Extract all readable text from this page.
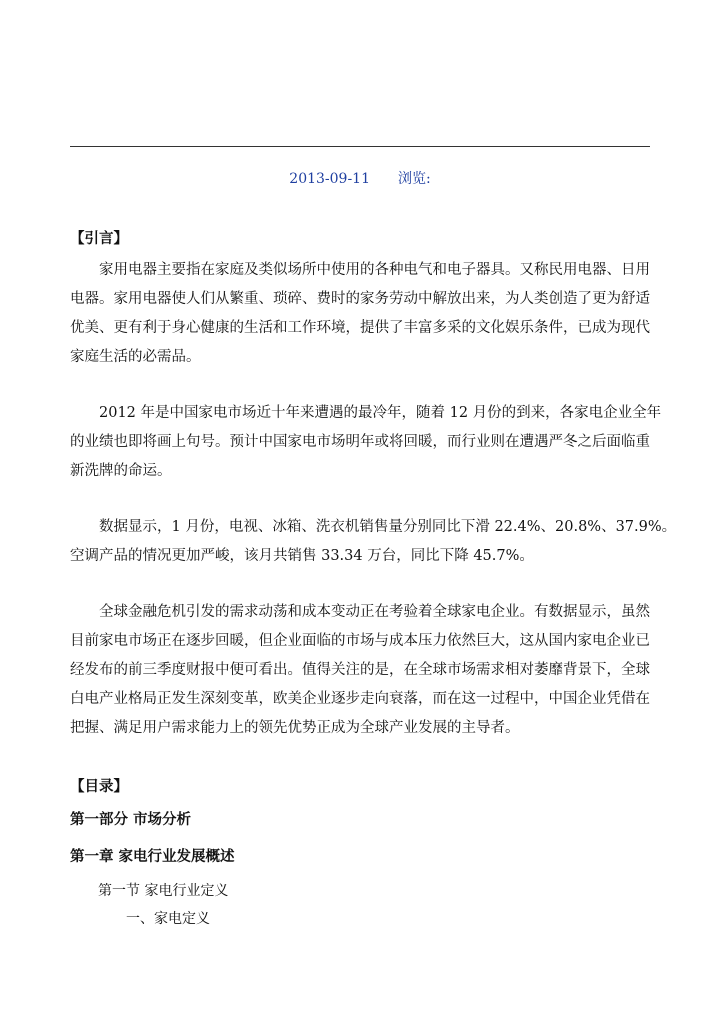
2013-09-11 浏览:
【引言】
　　家用电器主要指在家庭及类似场所中使用的各种电气和电子器具。又称民用电器、日用
电器。家用电器使人们从繁重、琐碎、费时的家务劳动中解放出来，为人类创造了更为舒适
优美、更有利于身心健康的生活和工作环境，提供了丰富多采的文化娱乐条件，已成为现代
家庭生活的必需品。
　　2012 年是中国家电市场近十年来遭遇的最冷年，随着 12 月份的到来，各家电企业全年
的业绩也即将画上句号。预计中国家电市场明年或将回暖，而行业则在遭遇严冬之后面临重
新洗牌的命运。
　　数据显示，1 月份，电视、冰箱、洗衣机销售量分别同比下滑 22.4%、20.8%、37.9%。
空调产品的情况更加严峻，该月共销售 33.34 万台，同比下降 45.7%。
　　全球金融危机引发的需求动荡和成本变动正在考验着全球家电企业。有数据显示，虽然
目前家电市场正在逐步回暖，但企业面临的市场与成本压力依然巨大，这从国内家电企业已
经发布的前三季度财报中便可看出。值得关注的是，在全球市场需求相对萎靡背景下，全球
白电产业格局正发生深刻变革，欧美企业逐步走向衰落，而在这一过程中，中国企业凭借在
把握、满足用户需求能力上的领先优势正成为全球产业发展的主导者。
【目录】
第一部分 市场分析
第一章 家电行业发展概述
第一节 家电行业定义
一、家电定义
